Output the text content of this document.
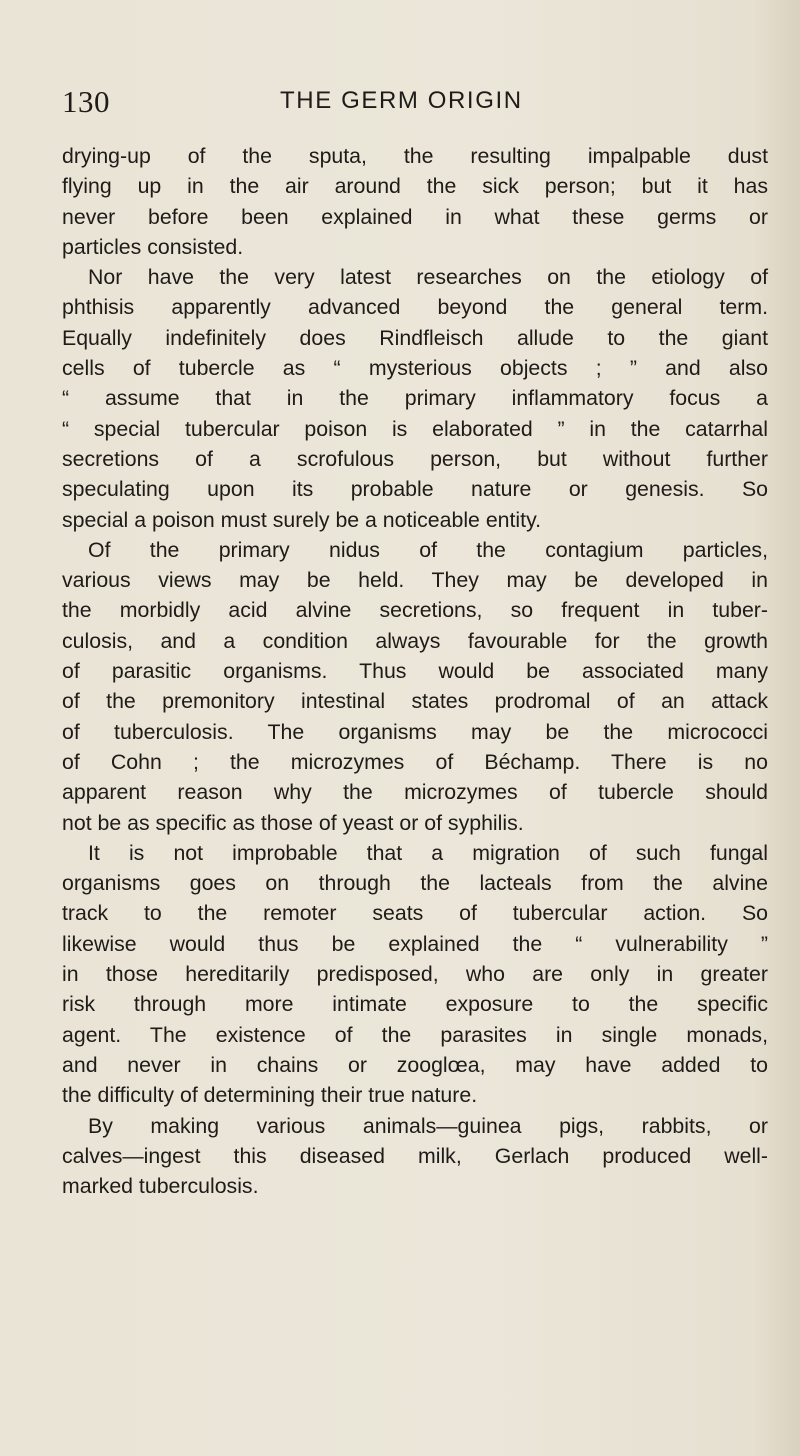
130	THE GERM ORIGIN
drying-up of the sputa, the resulting impalpable dust
flying up in the air around the sick person; but it has
never before been explained in what these germs or
particles consisted.
Nor have the very latest researches on the etiology of
phthisis apparently advanced beyond the general term.
Equally indefinitely does Rindfleisch allude to the giant
cells of tubercle as “ mysterious objects ; ” and also
“ assume that in the primary inflammatory focus a
“ special tubercular poison is elaborated ” in the catarrhal
secretions of a scrofulous person, but without further
speculating upon its probable nature or genesis. So
special a poison must surely be a noticeable entity.
Of the primary nidus of the contagium particles,
various views may be held. They may be developed in
the morbidly acid alvine secretions, so frequent in tuber-
culosis, and a condition always favourable for the growth
of parasitic organisms. Thus would be associated many
of the premonitory intestinal states prodromal of an attack
of tuberculosis. The organisms may be the micrococci
of Cohn ; the microzymes of Béchamp. There is no
apparent reason why the microzymes of tubercle should
not be as specific as those of yeast or of syphilis.
It is not improbable that a migration of such fungal
organisms goes on through the lacteals from the alvine
track to the remoter seats of tubercular action. So
likewise would thus be explained the “ vulnerability ”
in those hereditarily predisposed, who are only in greater
risk through more intimate exposure to the specific
agent. The existence of the parasites in single monads,
and never in chains or zooglœa, may have added to
the difficulty of determining their true nature.
By making various animals—guinea pigs, rabbits, or
calves—ingest this diseased milk, Gerlach produced well-
marked tuberculosis.
